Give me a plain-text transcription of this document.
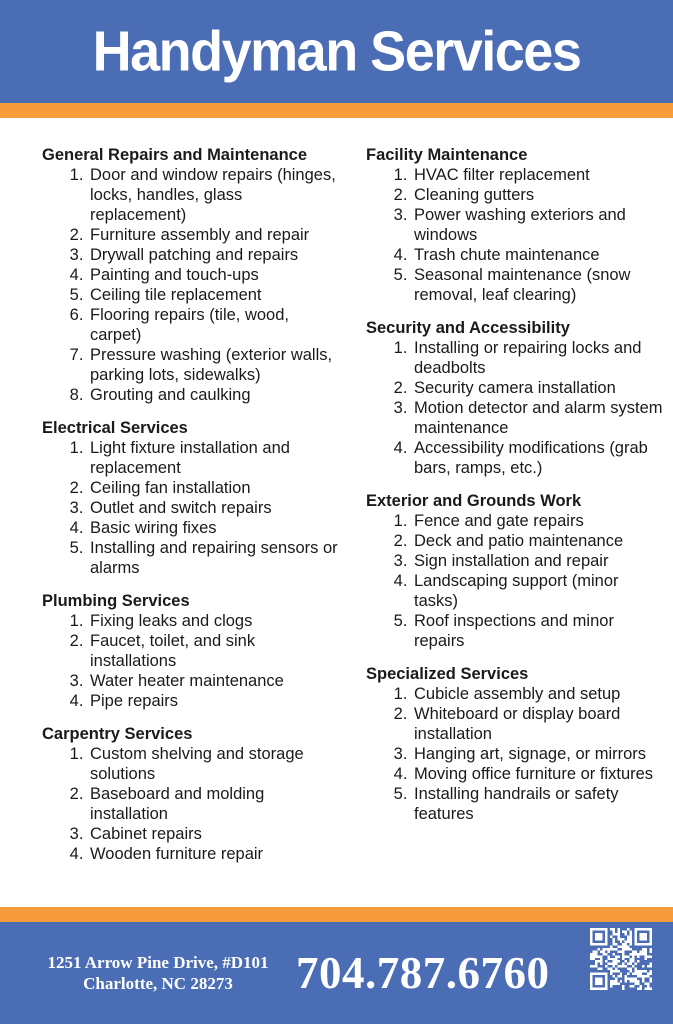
Handyman Services
General Repairs and Maintenance
1. Door and window repairs (hinges, locks, handles, glass replacement)
2. Furniture assembly and repair
3. Drywall patching and repairs
4. Painting and touch-ups
5. Ceiling tile replacement
6. Flooring repairs (tile, wood, carpet)
7. Pressure washing (exterior walls, parking lots, sidewalks)
8. Grouting and caulking
Electrical Services
1. Light fixture installation and replacement
2. Ceiling fan installation
3. Outlet and switch repairs
4. Basic wiring fixes
5. Installing and repairing sensors or alarms
Plumbing Services
1. Fixing leaks and clogs
2. Faucet, toilet, and sink installations
3. Water heater maintenance
4. Pipe repairs
Carpentry Services
1. Custom shelving and storage solutions
2. Baseboard and molding installation
3. Cabinet repairs
4. Wooden furniture repair
Facility Maintenance
1. HVAC filter replacement
2. Cleaning gutters
3. Power washing exteriors and windows
4. Trash chute maintenance
5. Seasonal maintenance (snow removal, leaf clearing)
Security and Accessibility
1. Installing or repairing locks and deadbolts
2. Security camera installation
3. Motion detector and alarm system maintenance
4. Accessibility modifications (grab bars, ramps, etc.)
Exterior and Grounds Work
1. Fence and gate repairs
2. Deck and patio maintenance
3. Sign installation and repair
4. Landscaping support (minor tasks)
5. Roof inspections and minor repairs
Specialized Services
1. Cubicle assembly and setup
2. Whiteboard or display board installation
3. Hanging art, signage, or mirrors
4. Moving office furniture or fixtures
5. Installing handrails or safety features
1251 Arrow Pine Drive, #D101
Charlotte, NC 28273	704.787.6760
